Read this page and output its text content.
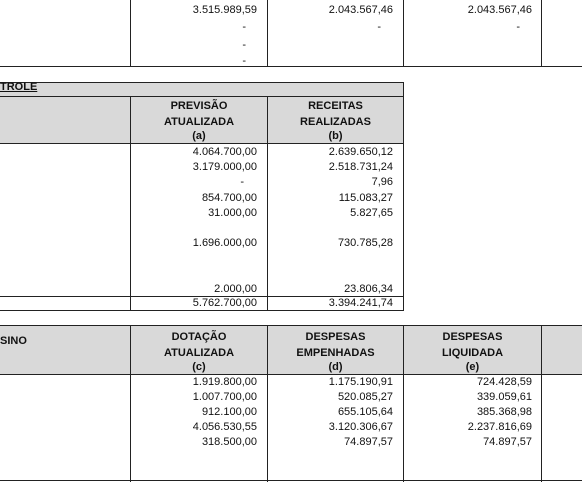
3.515.989,59	2.043.567,46	2.043.567,46
-	-	-
-
-
TROLE
PREVISÃO
ATUALIZADA
(a)
RECEITAS
REALIZADAS
(b)
4.064.700,00	2.639.650,12
3.179.000,00	2.518.731,24
-	7,96
854.700,00	115.083,27
31.000,00	5.827,65
1.696.000,00	730.785,28
2.000,00	23.806,34
5.762.700,00	3.394.241,74
SINO	DOTAÇÃO
ATUALIZADA
(c)
DESPESAS
EMPENHADAS
(d)
DESPESAS
LIQUIDADA
(e)
1.919.800,00	1.175.190,91	724.428,59
1.007.700,00	520.085,27	339.059,61
912.100,00	655.105,64	385.368,98
4.056.530,55	3.120.306,67	2.237.816,69
318.500,00	74.897,57	74.897,57
